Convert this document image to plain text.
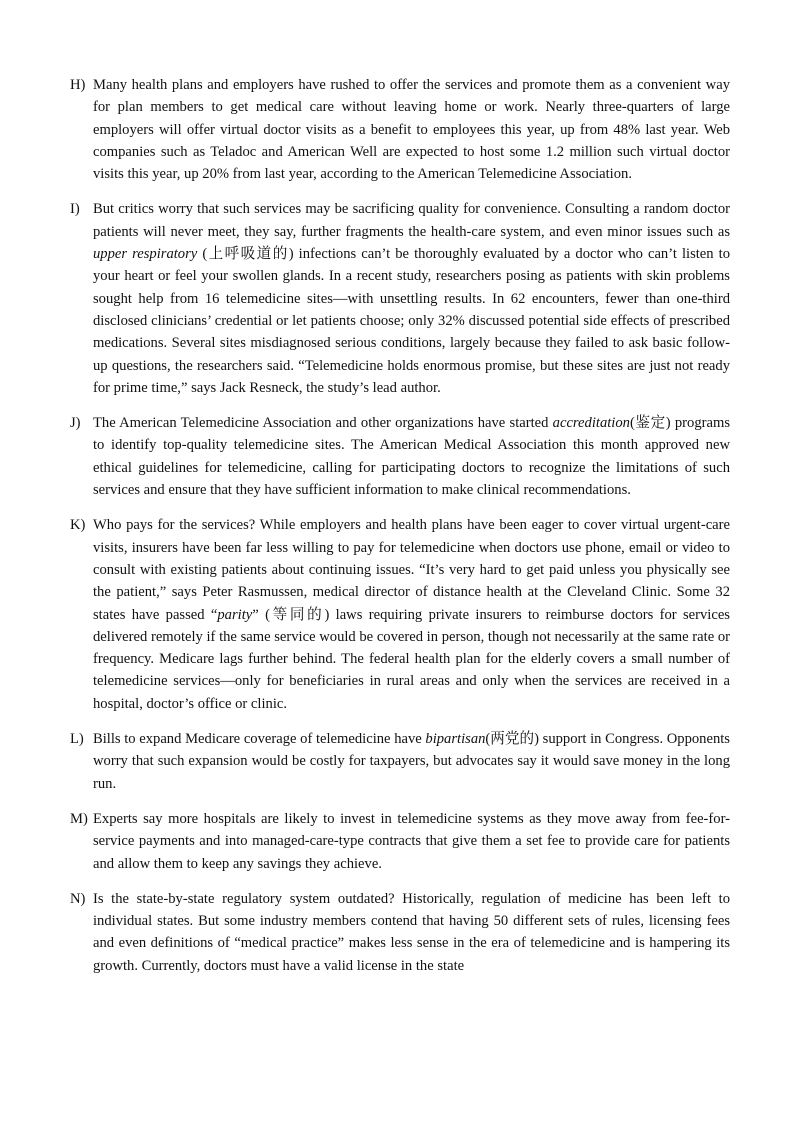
H) Many health plans and employers have rushed to offer the services and promote them as a convenient way for plan members to get medical care without leaving home or work. Nearly three-quarters of large employers will offer virtual doctor visits as a benefit to employees this year, up from 48% last year. Web companies such as Teladoc and American Well are expected to host some 1.2 million such virtual doctor visits this year, up 20% from last year, according to the American Telemedicine Association.
I) But critics worry that such services may be sacrificing quality for convenience. Consulting a random doctor patients will never meet, they say, further fragments the health-care system, and even minor issues such as upper respiratory (上呼吸道的) infections can’t be thoroughly evaluated by a doctor who can’t listen to your heart or feel your swollen glands. In a recent study, researchers posing as patients with skin problems sought help from 16 telemedicine sites—with unsettling results. In 62 encounters, fewer than one-third disclosed clinicians’ credential or let patients choose; only 32% discussed potential side effects of prescribed medications. Several sites misdiagnosed serious conditions, largely because they failed to ask basic follow-up questions, the researchers said. “Telemedicine holds enormous promise, but these sites are just not ready for prime time,” says Jack Resneck, the study’s lead author.
J) The American Telemedicine Association and other organizations have started accreditation(鉴定) programs to identify top-quality telemedicine sites. The American Medical Association this month approved new ethical guidelines for telemedicine, calling for participating doctors to recognize the limitations of such services and ensure that they have sufficient information to make clinical recommendations.
K) Who pays for the services? While employers and health plans have been eager to cover virtual urgent-care visits, insurers have been far less willing to pay for telemedicine when doctors use phone, email or video to consult with existing patients about continuing issues. “It’s very hard to get paid unless you physically see the patient,” says Peter Rasmussen, medical director of distance health at the Cleveland Clinic. Some 32 states have passed “parity” (等同的) laws requiring private insurers to reimburse doctors for services delivered remotely if the same service would be covered in person, though not necessarily at the same rate or frequency. Medicare lags further behind. The federal health plan for the elderly covers a small number of telemedicine services—only for beneficiaries in rural areas and only when the services are received in a hospital, doctor’s office or clinic.
L) Bills to expand Medicare coverage of telemedicine have bipartisan(两党的) support in Congress. Opponents worry that such expansion would be costly for taxpayers, but advocates say it would save money in the long run.
M) Experts say more hospitals are likely to invest in telemedicine systems as they move away from fee-for-service payments and into managed-care-type contracts that give them a set fee to provide care for patients and allow them to keep any savings they achieve.
N) Is the state-by-state regulatory system outdated? Historically, regulation of medicine has been left to individual states. But some industry members contend that having 50 different sets of rules, licensing fees and even definitions of “medical practice” makes less sense in the era of telemedicine and is hampering its growth. Currently, doctors must have a valid license in the state
